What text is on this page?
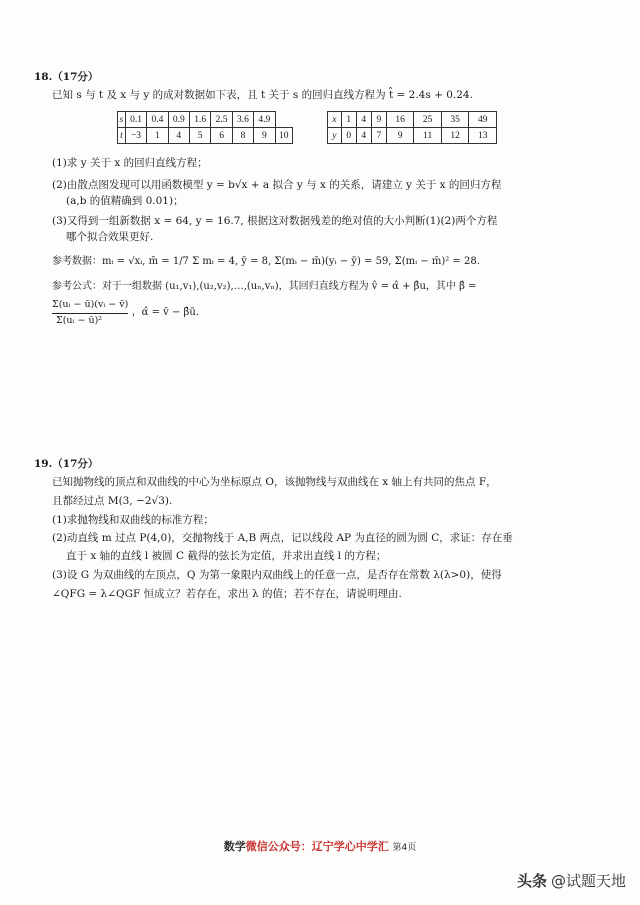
18.（17分）
已知 s 与 t 及 x 与 y 的成对数据如下表，且 t 关于 s 的回归直线方程为 t̂ = 2.4s + 0.24.
s	0.1	0.4	0.9	1.6	2.5	3.6	4.9	
t	−3	1	4	5	6	8	9	10
x	1	4	9	16	25	35	49
y	0	4	7	9	11	12	13
(1)求 y 关于 x 的回归直线方程；
(2)由散点图发现可以用函数模型 y = b√x + a 拟合 y 与 x 的关系，请建立 y 关于 x 的回归方程
(a,b 的值精确到 0.01)；
(3)又得到一组新数据 x = 64, y = 16.7, 根据这对数据残差的绝对值的大小判断(1)(2)两个方程
哪个拟合效果更好.
参考数据：mᵢ = √xᵢ, m̄ = 1/7 Σ mᵢ = 4, ȳ = 8, Σ(mᵢ − m̄)(yᵢ − ȳ) = 59, Σ(mᵢ − m̄)² = 28.
参考公式：对于一组数据 (u₁,v₁),(u₂,v₂),…,(uₙ,vₙ)，其回归直线方程为 v̂ = α̂ + β̂u，其中 β̂ =
$\frac{\text{Σ(uᵢ − ū)(vᵢ − v̄)}}{\text{Σ(uᵢ − ū)²}}$ ，α̂ = v̄ − β̂ū.
19.（17分）
已知抛物线的顶点和双曲线的中心为坐标原点 O，该抛物线与双曲线在 x 轴上有共同的焦点 F，
且都经过点 M(3, −2√3).
(1)求抛物线和双曲线的标准方程；
(2)动直线 m 过点 P(4,0)，交抛物线于 A,B 两点，记以线段 AP 为直径的圆为圆 C，求证：存在垂
直于 x 轴的直线 l 被圆 C 截得的弦长为定值，并求出直线 l 的方程；
(3)设 G 为双曲线的左顶点，Q 为第一象限内双曲线上的任意一点，是否存在常数 λ(λ>0)，使得
∠QFG = λ∠QGF 恒成立？若存在，求出 λ 的值；若不存在，请说明理由.
数学微信公众号：辽宁学心中学汇 第4页
头条 @试题天地
